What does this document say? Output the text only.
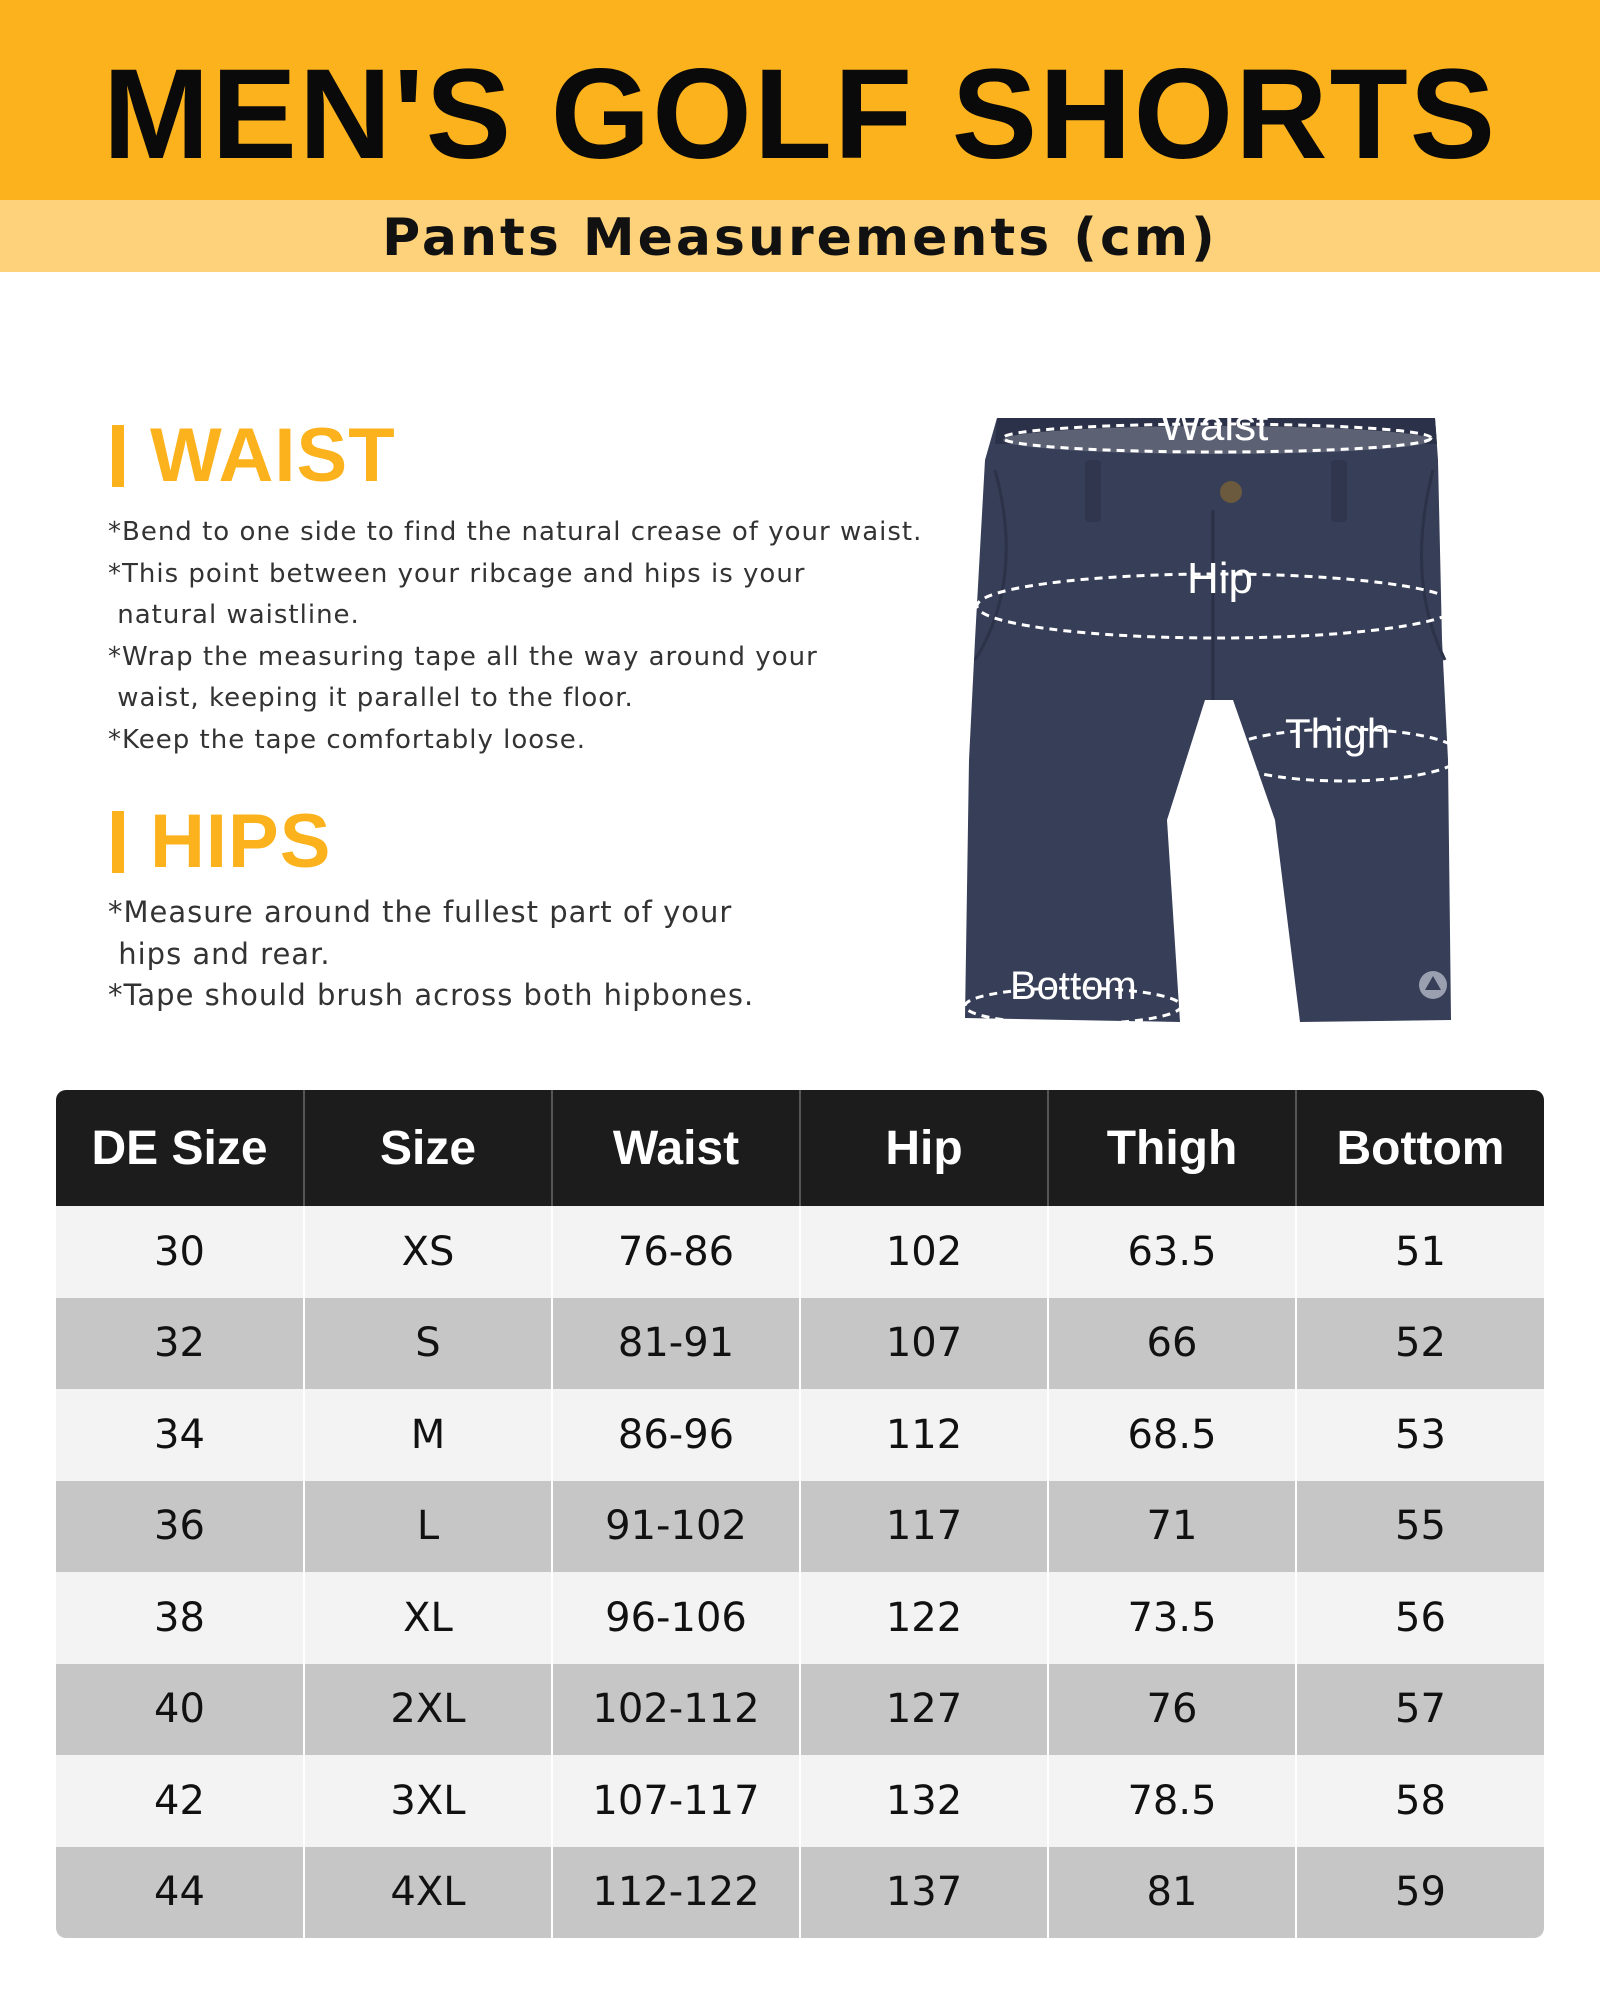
MEN'S GOLF SHORTS
Pants Measurements (cm)
WAIST

*Bend to one side to find the natural crease of your waist.

*This point between your ribcage and hips is your

natural waistline.

*Wrap the measuring tape all the way around your

waist, keeping it parallel to the floor.

*Keep the tape comfortably loose.

HIPS

*Measure around the fullest part of your

hips and rear.

*Tape should brush across both hipbones.

Waist
Hip
Thigh
Bottom
DE Size	Size	Waist	Hip	Thigh	Bottom
30	XS	76-86	102	63.5	51
32	S	81-91	107	66	52
34	M	86-96	112	68.5	53
36	L	91-102	117	71	55
38	XL	96-106	122	73.5	56
40	2XL	102-112	127	76	57
42	3XL	107-117	132	78.5	58
44	4XL	112-122	137	81	59
